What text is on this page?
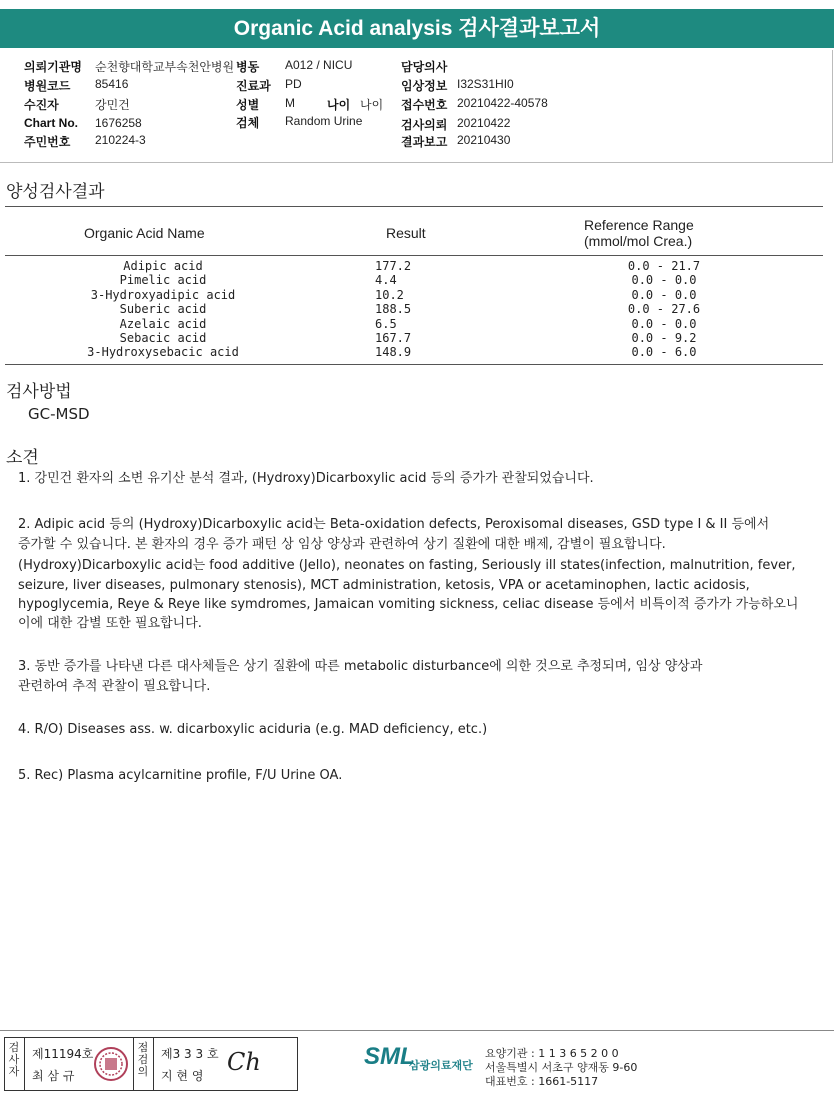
Organic Acid analysis 검사결과보고서
의뢰기관명 순천향대학교부속천안병원 병동 A012 / NICU	담당의사
병원코드 85416	진료과 PD	임상정보 I32S31HI0
수진자	강민건	성별 M	나이 나이 접수번호 20210422-40578
Chart No. 1676258	검체 Random Urine	검사의뢰 20210422
주민번호 210224-3	결과보고 20210430
양성검사결과
Organic Acid Name	Result	Reference Range
(mmol/mol Crea.)
Adipic acid	177.2	0.0 - 21.7
Pimelic acid	4.4	0.0 - 0.0
3-Hydroxyadipic acid	10.2	0.0 - 0.0
Suberic acid	188.5	0.0 - 27.6
Azelaic acid	6.5	0.0 - 0.0
Sebacic acid	167.7	0.0 - 9.2
3-Hydroxysebacic acid	148.9	0.0 - 6.0
검사방법
GC-MSD
소견
1. 강민건 환자의 소변 유기산 분석 결과, (Hydroxy)Dicarboxylic acid 등의 증가가 관찰되었습니다.
2. Adipic acid 등의 (Hydroxy)Dicarboxylic acid는 Beta-oxidation defects, Peroxisomal diseases, GSD type I & II 등에서
증가할 수 있습니다. 본 환자의 경우 증가 패턴 상 임상 양상과 관련하여 상기 질환에 대한 배제, 감별이 필요합니다.
(Hydroxy)Dicarboxylic acid는 food additive (Jello), neonates on fasting, Seriously ill states(infection, malnutrition, fever,
seizure, liver diseases, pulmonary stenosis), MCT administration, ketosis, VPA or acetaminophen, lactic acidosis,
hypoglycemia, Reye & Reye like symdromes, Jamaican vomiting sickness, celiac disease 등에서 비특이적 증가가 가능하오니
이에 대한 감별 또한 필요합니다.
3. 동반 증가를 나타낸 다른 대사체들은 상기 질환에 따른 metabolic disturbance에 의한 것으로 추정되며, 임상 양상과
관련하여 추적 관찰이 필요합니다.
4. R/O) Diseases ass. w. dicarboxylic aciduria (e.g. MAD deficiency, etc.)
5. Rec) Plasma acylcarnitine profile, F/U Urine OA.
검
사
자
제11194호
최 삼 규
점
검
의
제3 3 3 호
지 현 영 Ch	SML
삼광의료재단
요양기관 : 1 1 3 6 5 2 0 0
서울특별시 서초구 양재동 9-60
대표번호 : 1661-5117
